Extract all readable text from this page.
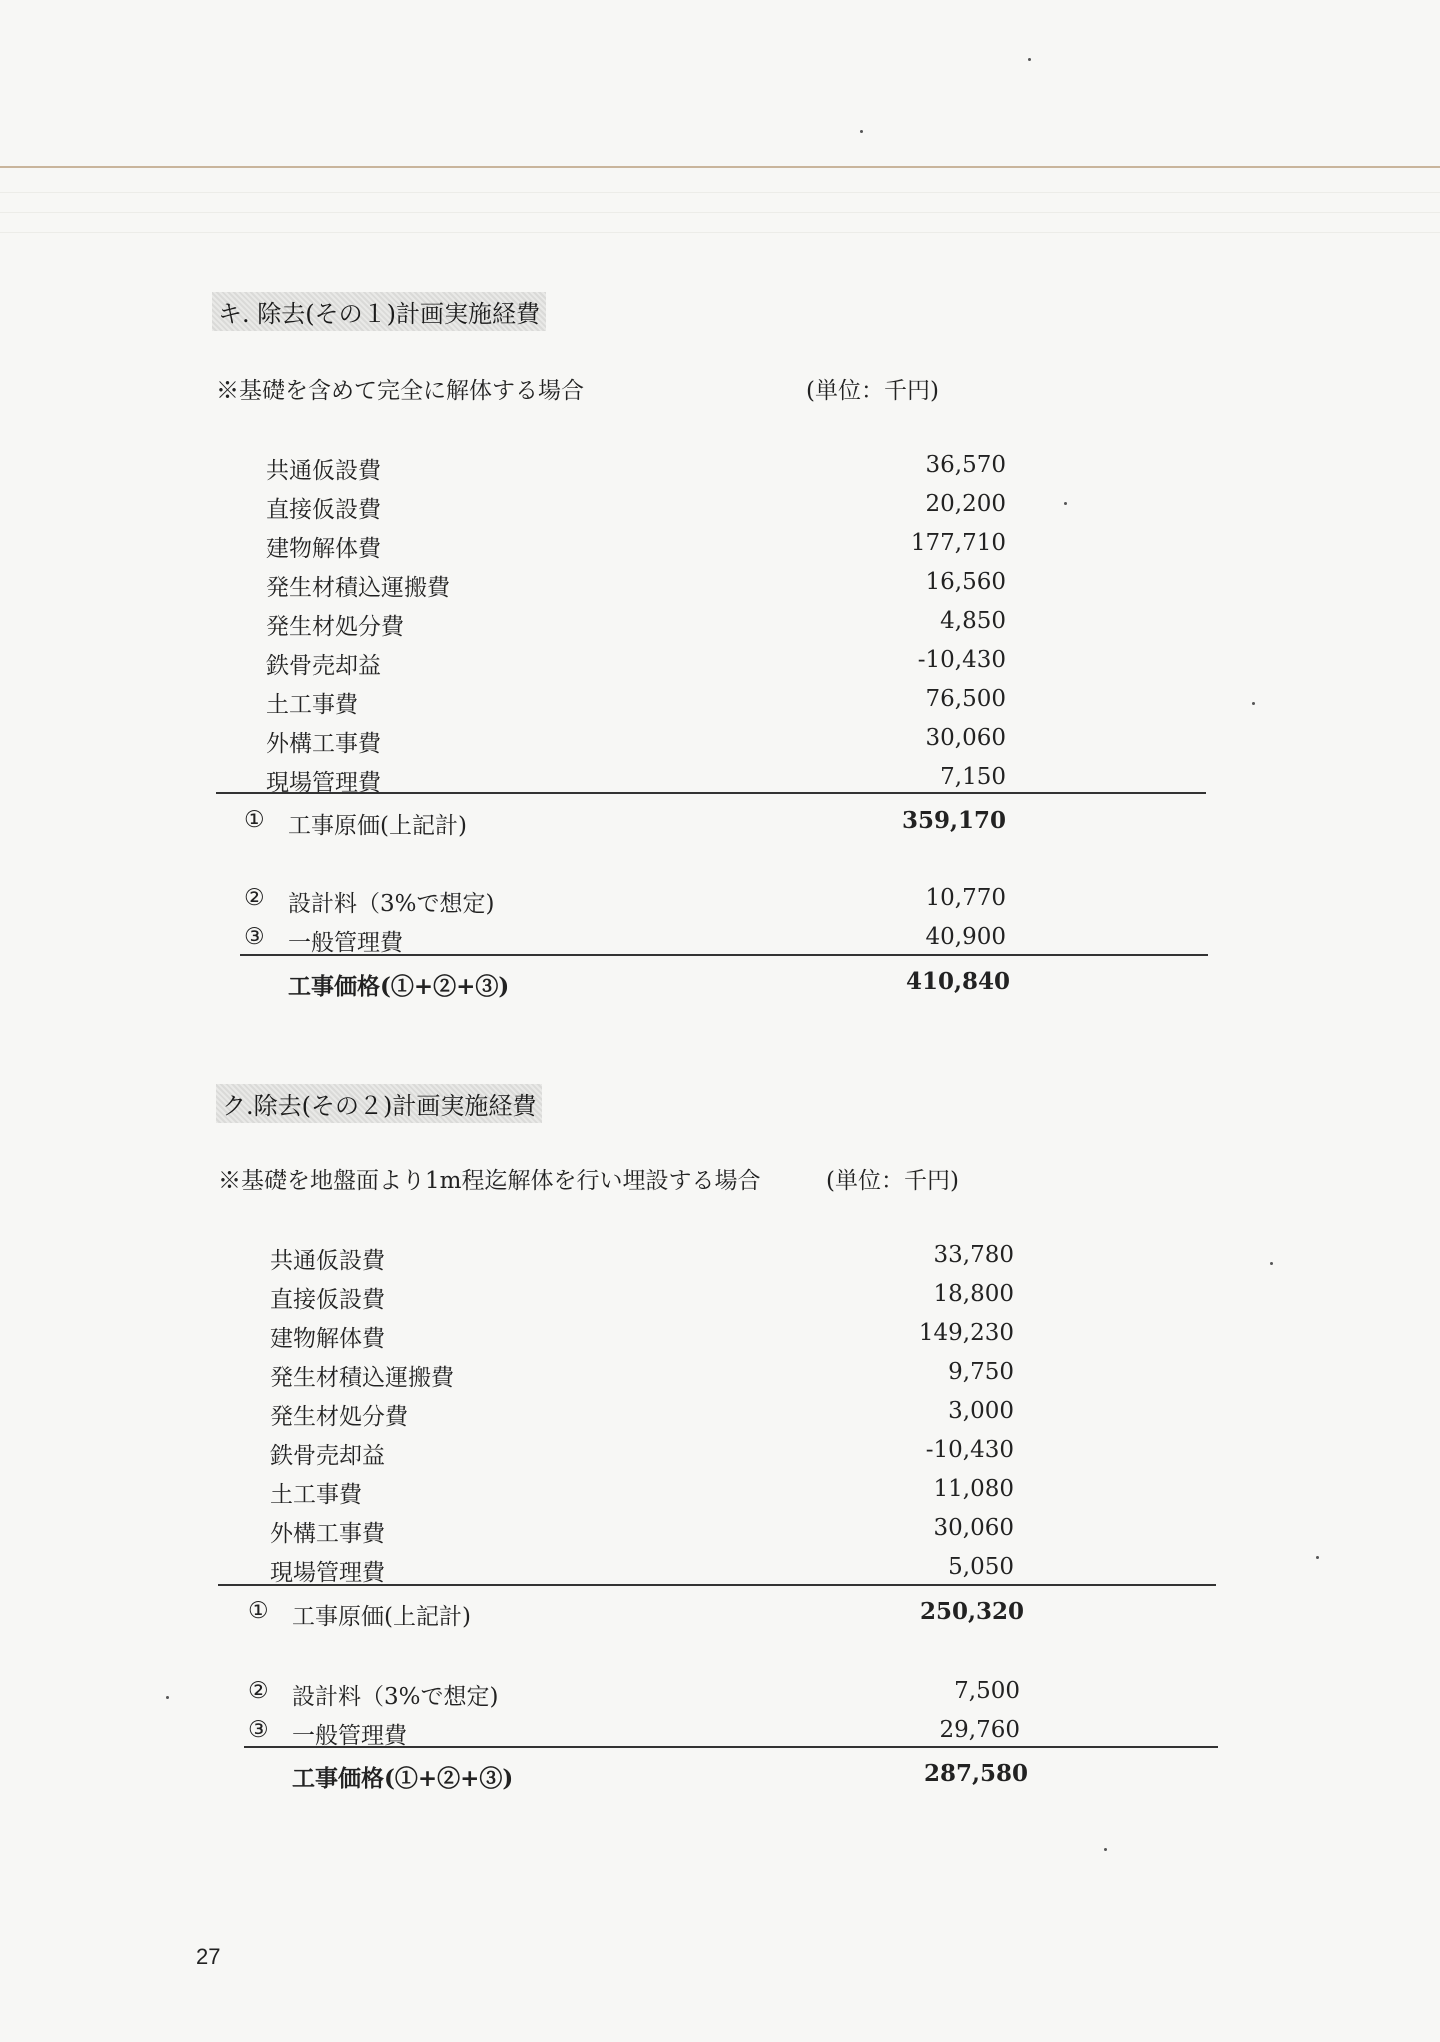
キ. 除去(その１)計画実施経費
※基礎を含めて完全に解体する場合	(単位：千円)
共通仮設費	36,570
直接仮設費	20,200
建物解体費	177,710
発生材積込運搬費	16,560
発生材処分費	4,850
鉄骨売却益	-10,430
土工事費	76,500
外構工事費	30,060
現場管理費	7,150
① 工事原価(上記計)	359,170
② 設計料（3%で想定)	10,770
③ 一般管理費	40,900
工事価格(①+②+③)	410,840
ク.除去(その２)計画実施経費
※基礎を地盤面より1m程迄解体を行い埋設する場合	(単位：千円)
共通仮設費	33,780
直接仮設費	18,800
建物解体費	149,230
発生材積込運搬費	9,750
発生材処分費	3,000
鉄骨売却益	-10,430
土工事費	11,080
外構工事費	30,060
現場管理費	5,050
① 工事原価(上記計)	250,320
② 設計料（3%で想定)	7,500
③ 一般管理費	29,760
工事価格(①+②+③)	287,580
27
